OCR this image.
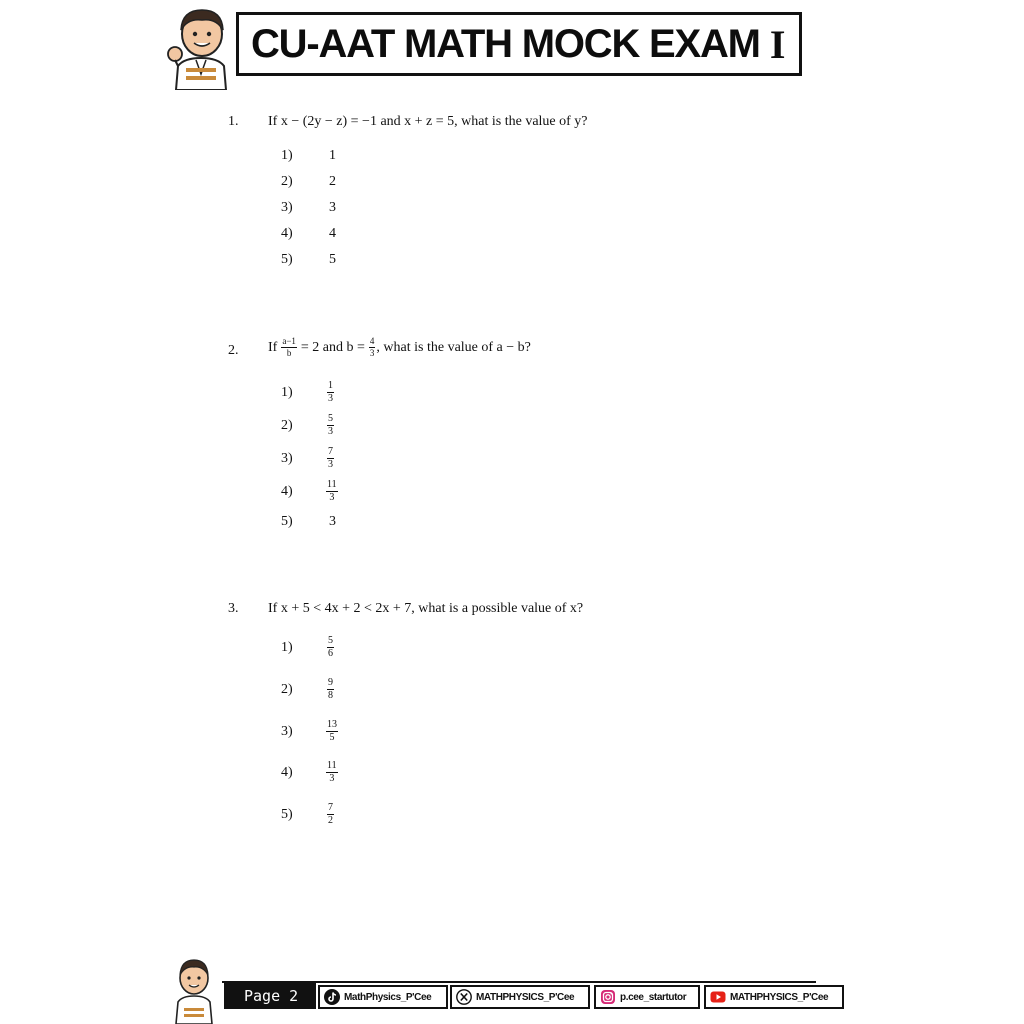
CU-AAT MATH MOCK EXAM I
1. If x − (2y − z) = −1 and x + z = 5, what is the value of y?
1)	1
2)	2
3)	3
4)	4
5)	5
2. If $\frac{a-1}{b} = 2$ and $b = \frac{4}{3}$ , what is the value of a − b?
1)	$\frac{1}{3}$
2)	$\frac{5}{3}$
3)	$\frac{7}{3}$
4)	$\frac{11}{3}$
5)	3
3. If x + 5 < 4x + 2 < 2x + 7, what is a possible value of x?
1)	$\frac{5}{6}$
2)	$\frac{9}{8}$
3)	$\frac{13}{5}$
4)	$\frac{11}{3}$
5)	$\frac{7}{2}$
Page 2	MathPhysics_P'Cee	MATHPHYSICS_P'Cee	p.cee_startutor	MATHPHYSICS_P'Cee
